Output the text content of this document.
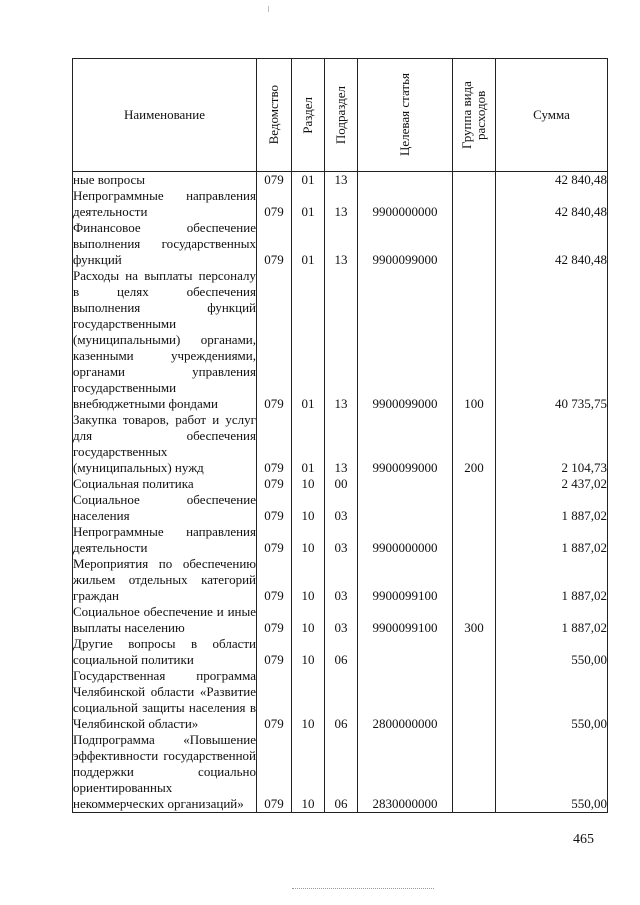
Наименование	Ведомство	Раздел	Подраздел	Целевая статья	Группа вида расходов	Сумма

ные вопросы	079	01	13			42 840,48
Непрограммные направления деятельности	079	01	13	9900000000		42 840,48
Финансовое обеспечение выполнения государственных функций	079	01	13	9900099000		42 840,48
Расходы на выплаты персоналу в целях обеспечения выполнения функций государственными (муниципальными) органами, казенными учреждениями, органами управления государственными внебюджетными фондами	079	01	13	9900099000	100	40 735,75
Закупка товаров, работ и услуг для обеспечения государственных (муниципальных) нужд	079	01	13	9900099000	200	2 104,73
Социальная политика	079	10	00			2 437,02
Социальное обеспечение населения	079	10	03			1 887,02
Непрограммные направления деятельности	079	10	03	9900000000		1 887,02
Мероприятия по обеспечению жильем отдельных категорий граждан	079	10	03	9900099100		1 887,02
Социальное обеспечение и иные выплаты населению	079	10	03	9900099100	300	1 887,02
Другие вопросы в области социальной политики	079	10	06			550,00
Государственная программа Челябинской области «Развитие социальной защиты населения в Челябинской области»	079	10	06	2800000000		550,00
Подпрограмма «Повышение эффективности государственной поддержки социально ориентированных некоммерческих организаций»	079	10	06	2830000000		550,00
465
